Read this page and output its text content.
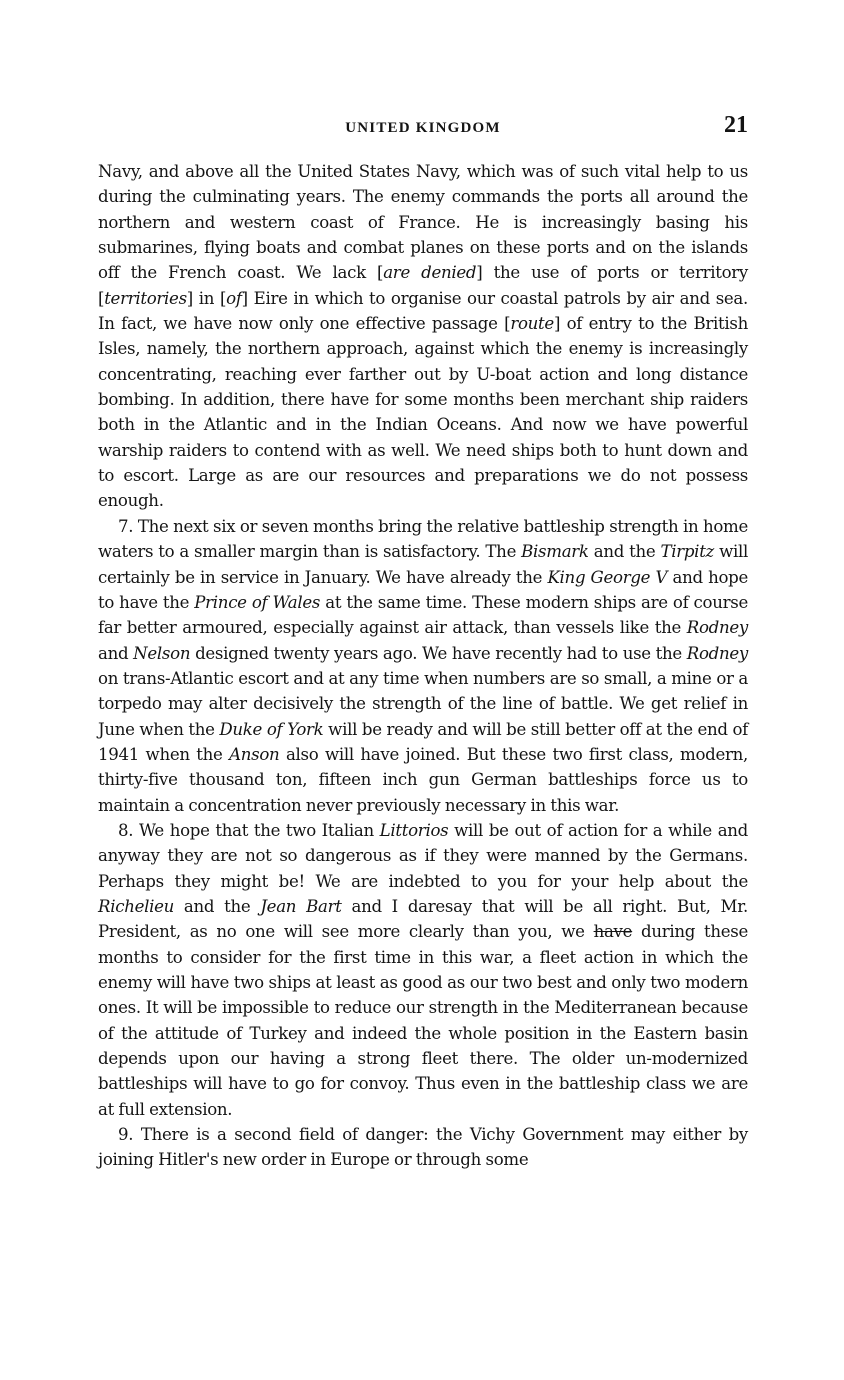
UNITED KINGDOM	21

Navy, and above all the United States Navy, which was of such vital help to us during the culminating years. The enemy commands the ports all around the northern and western coast of France. He is increasingly basing his submarines, flying boats and combat planes on these ports and on the islands off the French coast. We lack [are denied] the use of ports or territory [territories] in [of] Eire in which to organise our coastal patrols by air and sea. In fact, we have now only one effective passage [route] of entry to the British Isles, namely, the northern approach, against which the enemy is increasingly concentrating, reaching ever farther out by U-boat action and long distance bombing. In addition, there have for some months been merchant ship raiders both in the Atlantic and in the Indian Oceans. And now we have powerful warship raiders to contend with as well. We need ships both to hunt down and to escort. Large as are our resources and preparations we do not possess enough.

7. The next six or seven months bring the relative battleship strength in home waters to a smaller margin than is satisfactory. The Bismark and the Tirpitz will certainly be in service in January. We have already the King George V and hope to have the Prince of Wales at the same time. These modern ships are of course far better armoured, especially against air attack, than vessels like the Rodney and Nelson designed twenty years ago. We have recently had to use the Rodney on trans-Atlantic escort and at any time when numbers are so small, a mine or a torpedo may alter decisively the strength of the line of battle. We get relief in June when the Duke of York will be ready and will be still better off at the end of 1941 when the Anson also will have joined. But these two first class, modern, thirty-five thousand ton, fifteen inch gun German battleships force us to maintain a concentration never previously necessary in this war.

8. We hope that the two Italian Littorios will be out of action for a while and anyway they are not so dangerous as if they were manned by the Germans. Perhaps they might be! We are indebted to you for your help about the Richelieu and the Jean Bart and I daresay that will be all right. But, Mr. President, as no one will see more clearly than you, we have during these months to consider for the first time in this war, a fleet action in which the enemy will have two ships at least as good as our two best and only two modern ones. It will be impossible to reduce our strength in the Mediterranean because of the attitude of Turkey and indeed the whole position in the Eastern basin depends upon our having a strong fleet there. The older un-modernized battleships will have to go for convoy. Thus even in the battleship class we are at full extension.

9. There is a second field of danger: the Vichy Government may either by joining Hitler's new order in Europe or through some
